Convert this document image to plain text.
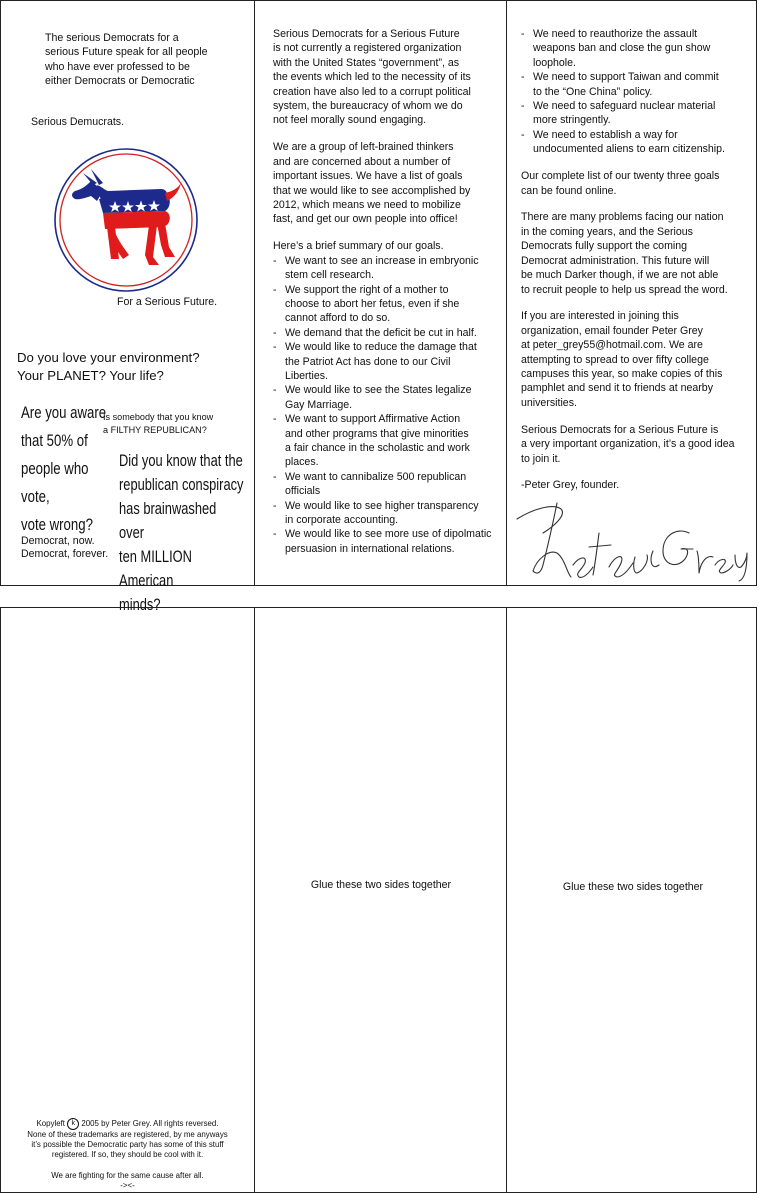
The serious Democrats for a
serious Future speak for all people
who have ever professed to be
either Democrats or Democratic
Serious Demucrats.
For a Serious Future.
Do you love your environment?
Your PLANET? Your life?
Are you aware
that 50% of
people who vote,
vote wrong?
Is somebody that you know
a FILTHY REPUBLICAN?
Did you know that the
republican conspiracy
has brainwashed over
ten MILLION American
minds?
Democrat, now.
Democrat, forever.

Serious Democrats for a Serious Future
is not currently a registered organization
with the United States “government”, as
the events which led to the necessity of its
creation have also led to a corrupt political
system, the bureaucracy of whom we do
not feel morally sound engaging.

We are a group of left-brained thinkers
and are concerned about a number of
important issues. We have a list of goals
that we would like to see accomplished by
2012, which means we need to mobilize
fast, and get our own people into office!

Here’s a brief summary of our goals.
- We want to see an increase in embryonic
stem cell research.
- We support the right of a mother to
choose to abort her fetus, even if she
cannot afford to do so.
- We demand that the deficit be cut in half.
- We would like to reduce the damage that
the Patriot Act has done to our Civil
Liberties.
- We would like to see the States legalize
Gay Marriage.
- We want to support Affirmative Action
and other programs that give minorities
a fair chance in the scholastic and work
places.
- We want to cannibalize 500 republican
officials
- We would like to see higher transparency
in corporate accounting.
- We would like to see more use of dipolmatic
persuasion in international relations.
- We need to reauthorize the assault
weapons ban and close the gun show
loophole.
- We need to support Taiwan and commit
to the “One China” policy.
- We need to safeguard nuclear material
more stringently.
- We need to establish a way for
undocumented aliens to earn citizenship.

Our complete list of our twenty three goals
can be found online.

There are many problems facing our nation
in the coming years, and the Serious
Democrats fully support the coming
Democrat administration. This future will
be much Darker though, if we are not able
to recruit people to help us spread the word.

If you are interested in joining this
organization, email founder Peter Grey
at peter_grey55@hotmail.com. We are
attempting to spread to over fifty college
campuses this year, so make copies of this
pamphlet and send it to friends at nearby
universities.

Serious Democrats for a Serious Future is
a very important organization, it’s a good idea
to join it.

-Peter Grey, founder.
Kopyleft k 2005 by Peter Grey. All rights reversed.
None of these trademarks are registered, by me anyways
it’s possible the Democratic party has some of this stuff
registered. If so, they should be cool with it.
We are fighting for the same cause after all.
-><-
Glue these two sides together	Glue these two sides together
